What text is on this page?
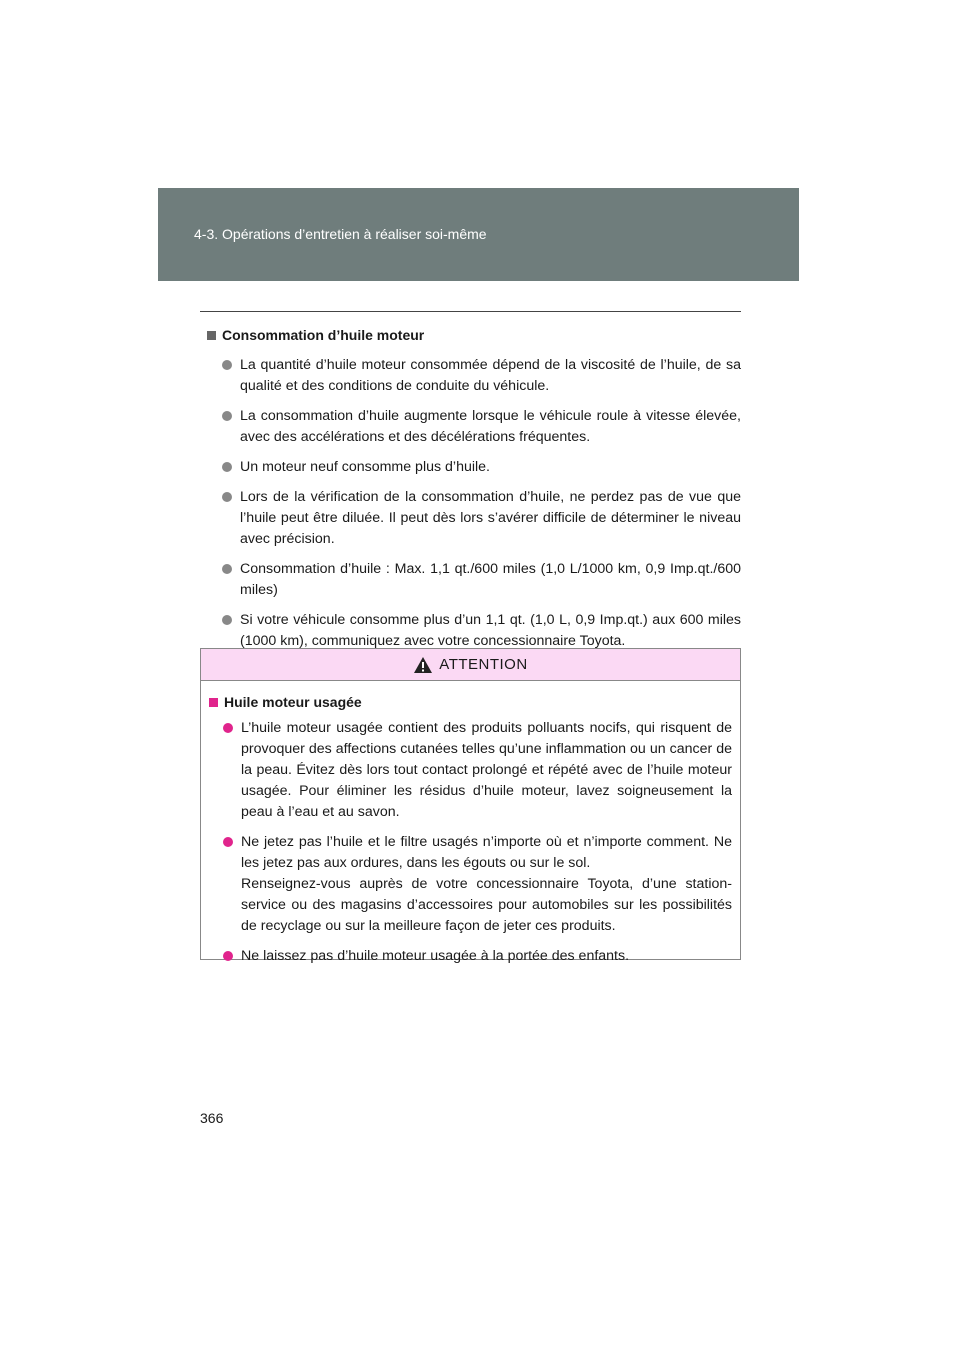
4-3. Opérations d’entretien à réaliser soi-même
Consommation d’huile moteur
La quantité d’huile moteur consommée dépend de la viscosité de l’huile, de sa qualité et des conditions de conduite du véhicule.
La consommation d’huile augmente lorsque le véhicule roule à vitesse élevée, avec des accélérations et des décélérations fréquentes.
Un moteur neuf consomme plus d’huile.
Lors de la vérification de la consommation d’huile, ne perdez pas de vue que l’huile peut être diluée. Il peut dès lors s’avérer difficile de déterminer le niveau avec précision.
Consommation d’huile : Max. 1,1 qt./600 miles (1,0 L/1000 km, 0,9 Imp.qt./600 miles)
Si votre véhicule consomme plus d’un 1,1 qt. (1,0 L, 0,9 Imp.qt.) aux 600 miles (1000 km), communiquez avec votre concessionnaire Toyota.
ATTENTION
Huile moteur usagée
L’huile moteur usagée contient des produits polluants nocifs, qui risquent de provoquer des affections cutanées telles qu’une inflammation ou un cancer de la peau. Évitez dès lors tout contact prolongé et répété avec de l’huile moteur usagée. Pour éliminer les résidus d’huile moteur, lavez soigneusement la peau à l’eau et au savon.

Ne jetez pas l’huile et le filtre usagés n’importe où et n’importe comment. Ne les jetez pas aux ordures, dans les égouts ou sur le sol.

Renseignez-vous auprès de votre concessionnaire Toyota, d’une station-service ou des magasins d’accessoires pour automobiles sur les possibilités de recyclage ou sur la meilleure façon de jeter ces produits.

Ne laissez pas d’huile moteur usagée à la portée des enfants.
366
